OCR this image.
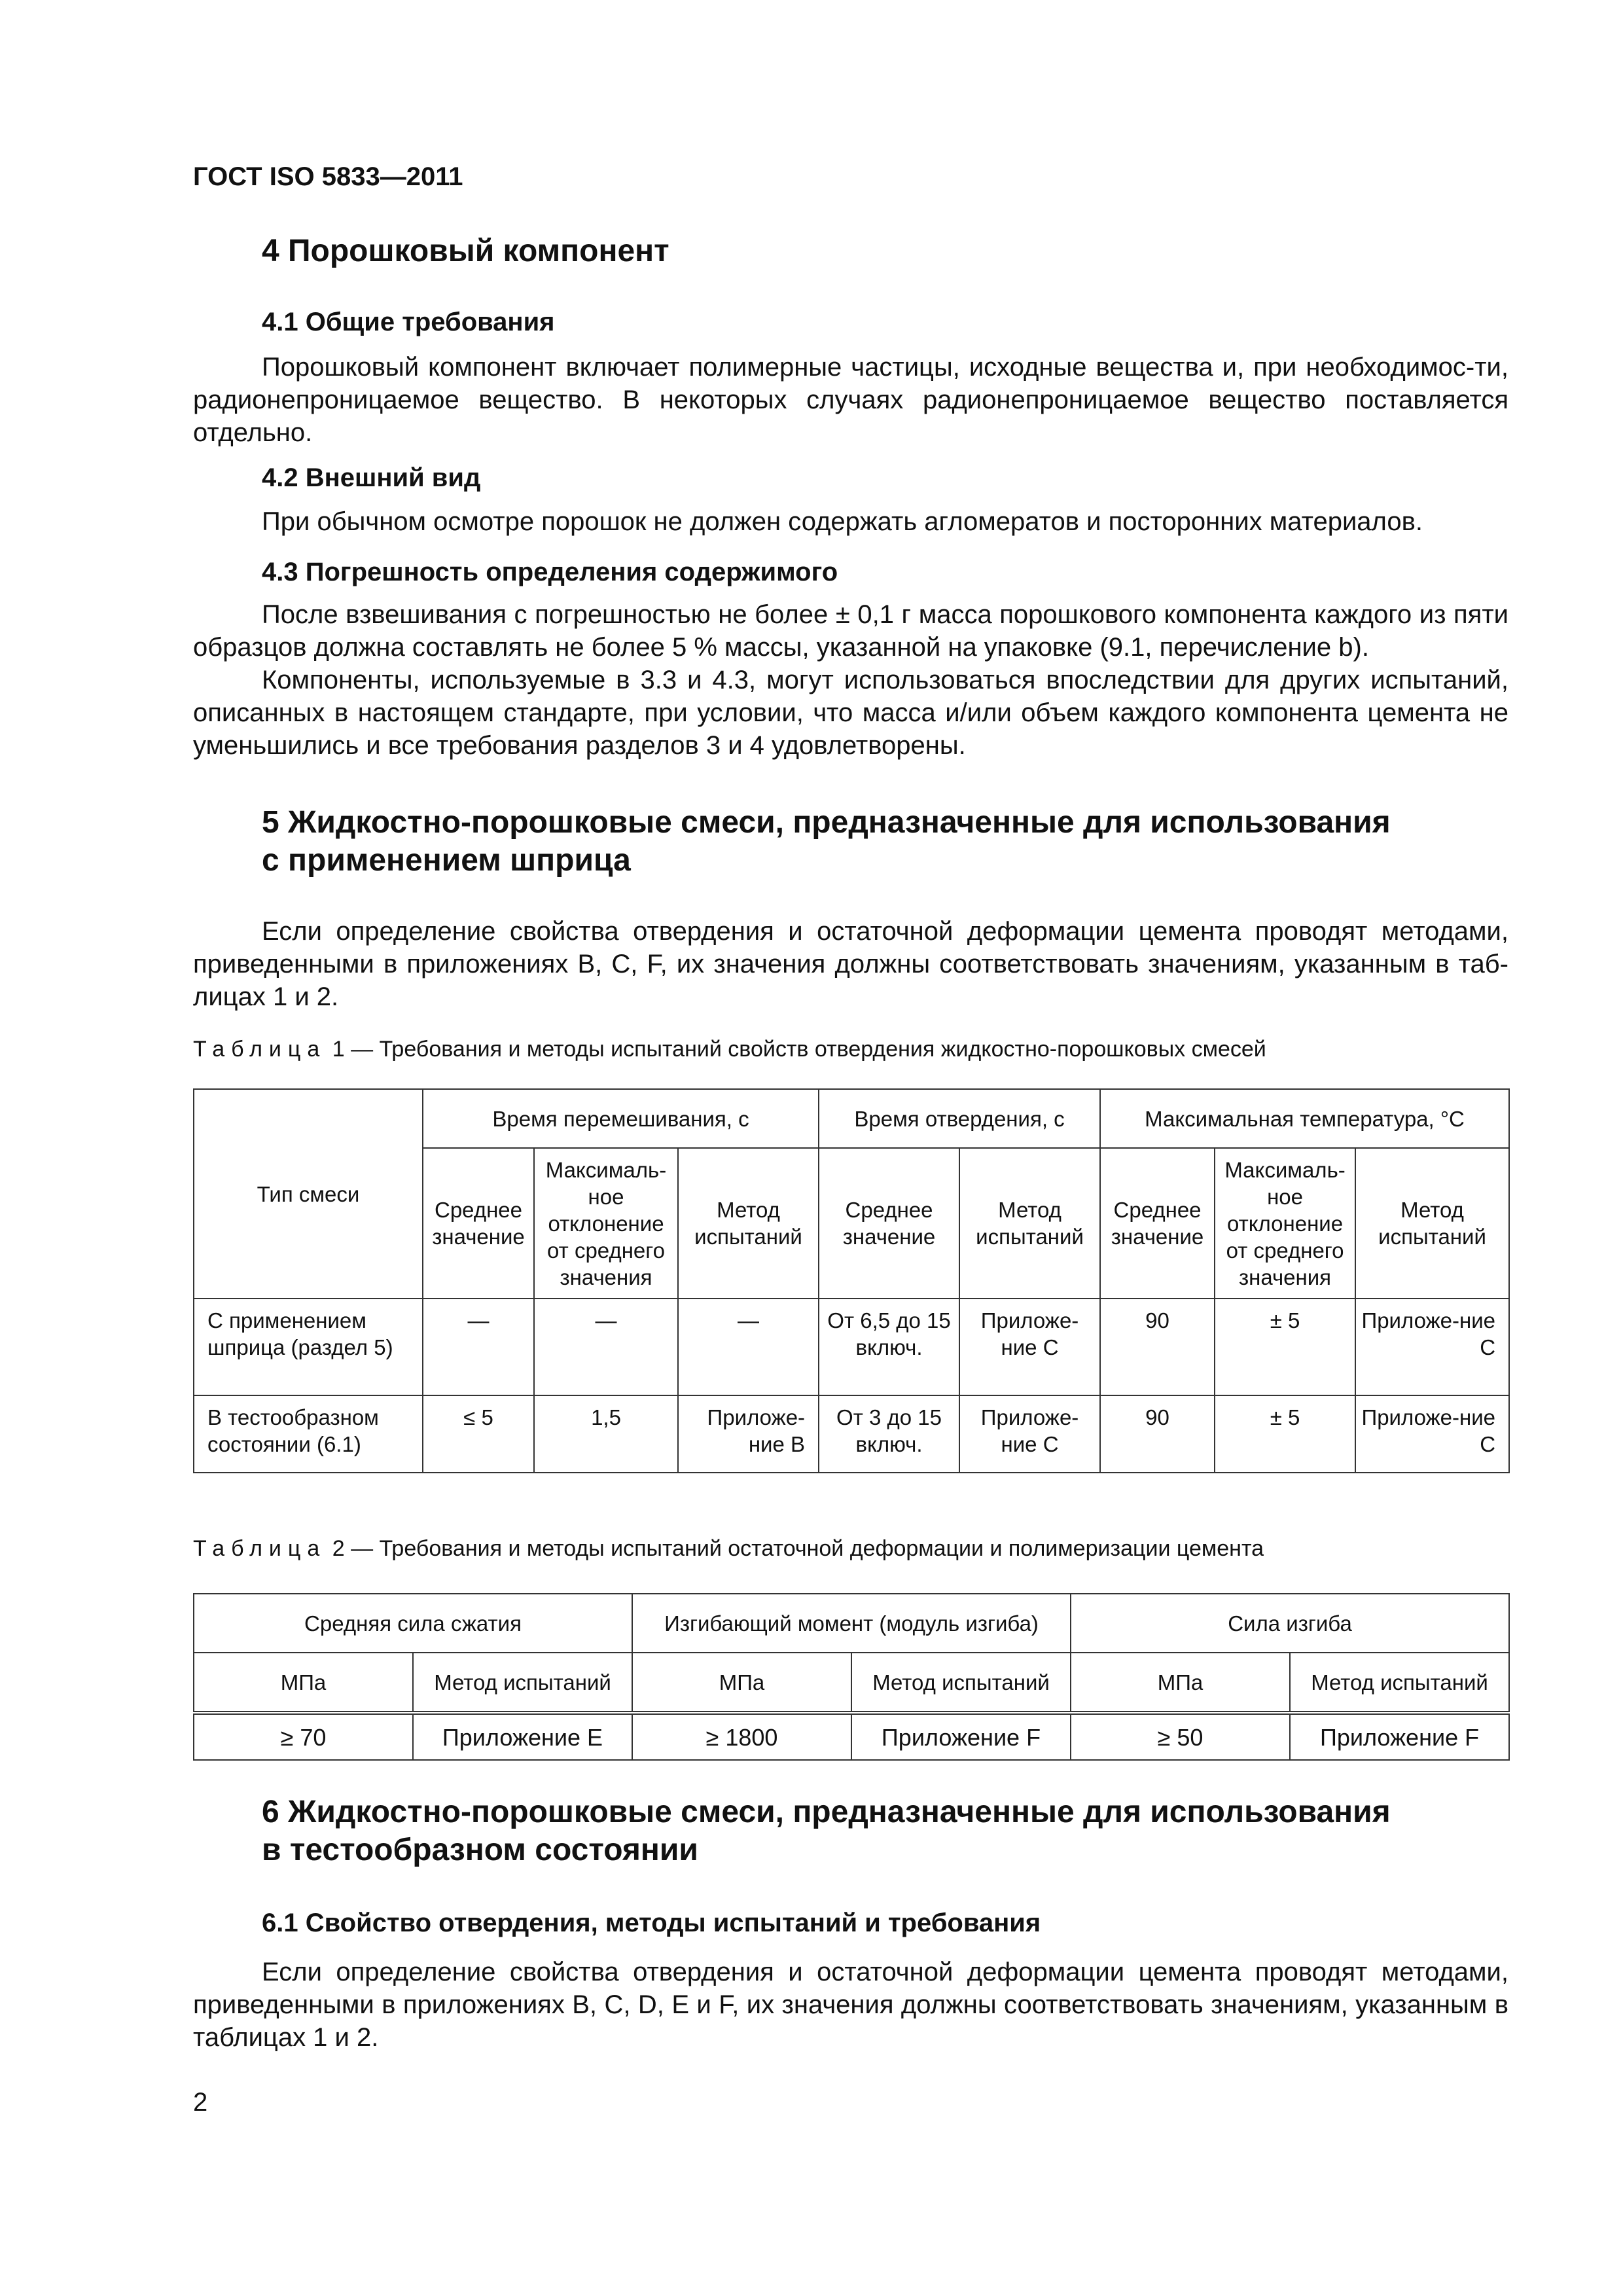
ГОСТ ISO 5833—2011
4 Порошковый компонент
4.1 Общие требования
Порошковый компонент включает полимерные частицы, исходные вещества и, при необходимос-ти, радионепроницаемое вещество. В некоторых случаях радионепроницаемое вещество поставляется отдельно.
4.2 Внешний вид
При обычном осмотре порошок не должен содержать агломератов и посторонних материалов.
4.3 Погрешность определения содержимого
После взвешивания с погрешностью не более ± 0,1 г масса порошкового компонента каждого из пяти образцов должна составлять не более 5 % массы, указанной на упаковке (9.1, перечисление b).
Компоненты, используемые в 3.3 и 4.3, могут использоваться впоследствии для других испытаний, описанных в настоящем стандарте, при условии, что масса и/или объем каждого компонента цемента не уменьшились и все требования разделов 3 и 4 удовлетворены.
5 Жидкостно-порошковые смеси, предназначенные для использования
с применением шприца
Если определение свойства отвердения и остаточной деформации цемента проводят методами, приведенными в приложениях B, C, F, их значения должны соответствовать значениям, указанным в таб-лицах 1 и 2.
Таблица 1 — Требования и методы испытаний свойств отвердения жидкостно-порошковых смесей
Тип смеси	Время перемешивания, с			Время отвердения, с		Максимальная температура, °С		
	Среднее значение	Максималь-ное отклонение от среднего значения	Метод испытаний	Среднее значение	Метод испытаний	Среднее значение	Максималь-ное отклонение от среднего значения	Метод испытаний
С применением шприца (раздел 5)	—	—	—	От 6,5 до 15 включ.	Приложе-ние С	90	± 5	Приложе-ние С
В тестообразном состоянии (6.1)	≤ 5	1,5	Приложе-ние В	От 3 до 15 включ.	Приложе-ние С	90	± 5	Приложе-ние С
Таблица 2 — Требования и методы испытаний остаточной деформации и полимеризации цемента
Средняя сила сжатия		Изгибающий момент (модуль изгиба)		Сила изгиба	
МПа	Метод испытаний	МПа	Метод испытаний	МПа	Метод испытаний
≥ 70	Приложение Е	≥ 1800	Приложение F	≥ 50	Приложение F
6 Жидкостно-порошковые смеси, предназначенные для использования
в тестообразном состоянии
6.1 Свойство отвердения, методы испытаний и требования
Если определение свойства отвердения и остаточной деформации цемента проводят методами, приведенными в приложениях B, C, D, E и F, их значения должны соответствовать значениям, указанным в таблицах 1 и 2.
2
